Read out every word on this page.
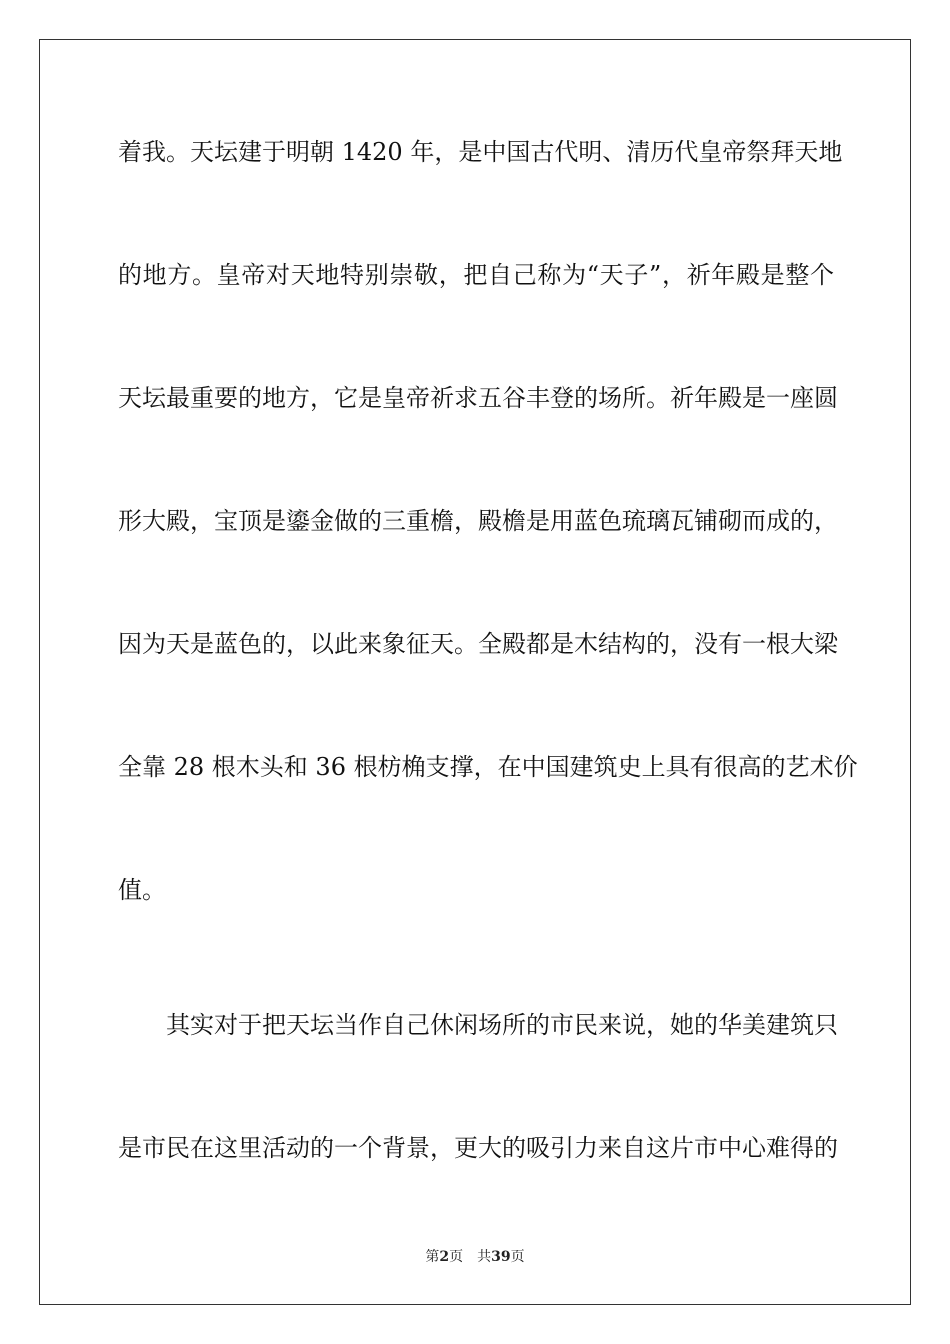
着我。天坛建于明朝 1420 年，是中国古代明、清历代皇帝祭拜天地
的地方。皇帝对天地特别崇敬，把自己称为“天子”，祈年殿是整个
天坛最重要的地方，它是皇帝祈求五谷丰登的场所。祈年殿是一座圆
形大殿，宝顶是鎏金做的三重檐，殿檐是用蓝色琉璃瓦铺砌而成的，
因为天是蓝色的，以此来象征天。全殿都是木结构的，没有一根大梁
全靠 28 根木头和 36 根枋桷支撑，在中国建筑史上具有很高的艺术价
值。
其实对于把天坛当作自己休闲场所的市民来说，她的华美建筑只
是市民在这里活动的一个背景，更大的吸引力来自这片市中心难得的
第2页 共39页
